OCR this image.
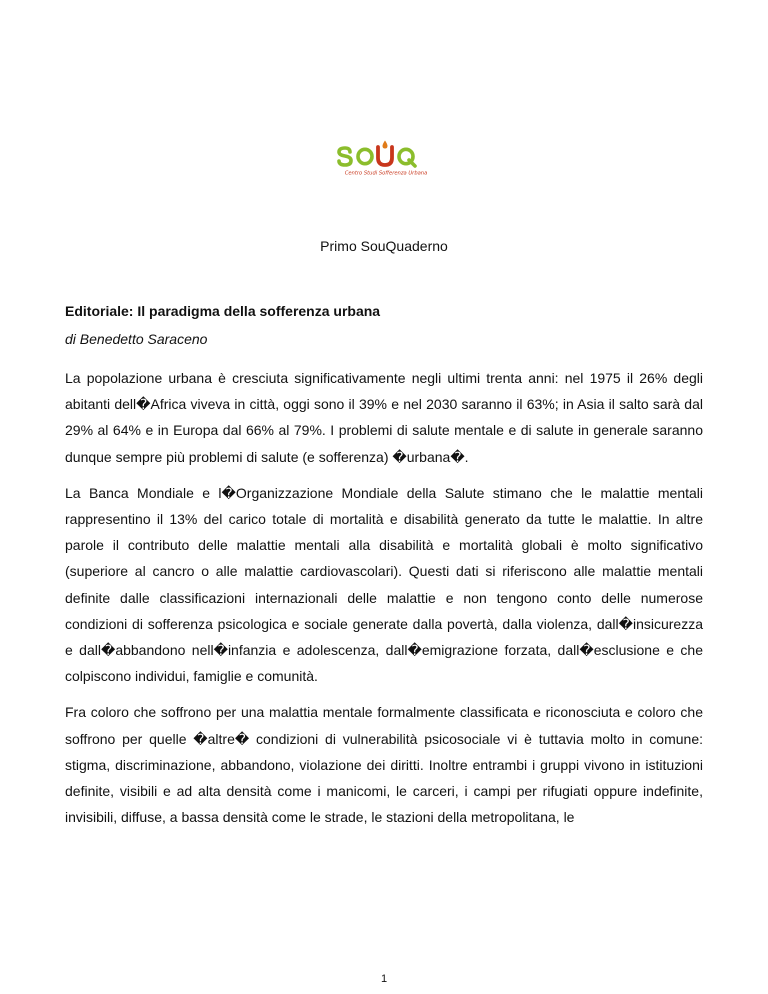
Centro Studi Sofferenza Urbana
Primo SouQuaderno
Editoriale: Il paradigma della sofferenza urbana
di Benedetto Saraceno

La popolazione urbana è cresciuta significativamente negli ultimi trenta anni: nel 1975 il 26% degli abitanti dell�Africa viveva in città, oggi sono il 39% e nel 2030 saranno il 63%; in Asia il salto sarà dal 29% al 64% e in Europa dal 66% al 79%. I problemi di salute mentale e di salute in generale saranno dunque sempre più problemi di salute (e sofferenza) �urbana�.

La Banca Mondiale e l�Organizzazione Mondiale della Salute stimano che le malattie mentali rappresentino il 13% del carico totale di mortalità e disabilità generato da tutte le malattie. In altre parole il contributo delle malattie mentali alla disabilità e mortalità globali è molto significativo (superiore al cancro o alle malattie cardiovascolari). Questi dati si riferiscono alle malattie mentali definite dalle classificazioni internazionali delle malattie e non tengono conto delle numerose condizioni di sofferenza psicologica e sociale generate dalla povertà, dalla violenza, dall�insicurezza e dall�abbandono nell�infanzia e adolescenza, dall�emigrazione forzata, dall�esclusione e che colpiscono individui, famiglie e comunità.

Fra coloro che soffrono per una malattia mentale formalmente classificata e riconosciuta e coloro che soffrono per quelle �altre� condizioni di vulnerabilità psicosociale vi è tuttavia molto in comune: stigma, discriminazione, abbandono, violazione dei diritti. Inoltre entrambi i gruppi vivono in istituzioni definite, visibili e ad alta densità come i manicomi, le carceri, i campi per rifugiati oppure indefinite, invisibili, diffuse, a bassa densità come le strade, le stazioni della metropolitana, le

1
